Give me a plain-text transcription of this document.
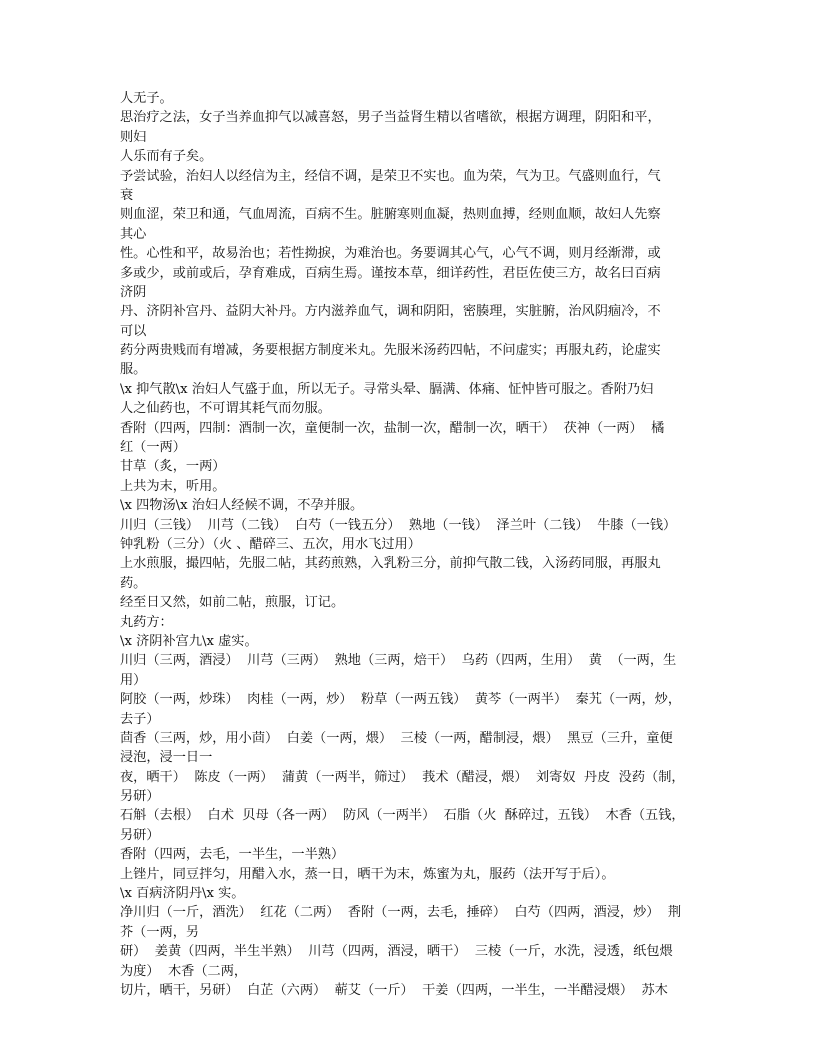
人无子。

思治疗之法，女子当养血抑气以减喜怒，男子当益肾生精以省嗜欲，根据方调理，阴阳和平，

则妇

人乐而有子矣。

予尝试验，治妇人以经信为主，经信不调，是荣卫不实也。血为荣，气为卫。气盛则血行，气

衰

则血涩，荣卫和通，气血周流，百病不生。脏腑寒则血凝，热则血搏，经则血顺，故妇人先察

其心

性。心性和平，故易治也；若性拗捩，为难治也。务要调其心气，心气不调，则月经渐滞，或

多或少，或前或后，孕育难成，百病生焉。谨按本草，细详药性，君臣佐使三方，故名曰百病

济阴

丹、济阴补宫丹、益阴大补丹。方内滋养血气，调和阴阳，密腠理，实脏腑，治风阴痼冷，不

可以

药分两贵贱而有增减，务要根据方制度米丸。先服米汤药四帖，不问虚实；再服丸药，论虚实

服。

\x 抑气散\x 治妇人气盛于血，所以无子。寻常头晕、膈满、体痛、怔忡皆可服之。香附乃妇

人之仙药也，不可谓其耗气而勿服。

香附（四两，四制：酒制一次，童便制一次，盐制一次，醋制一次，晒干）  茯神（一两）  橘

红（一两）

甘草（炙，一两）

上共为末，听用。

\x 四物汤\x 治妇人经候不调，不孕并服。

川归（三钱）  川芎（二钱）  白芍（一钱五分）  熟地（一钱）  泽兰叶（二钱）  牛膝（一钱）

钟乳粉（三分）（火 、醋碎三、五次，用水飞过用）

上水煎服，撮四帖，先服二帖，其药煎熟，入乳粉三分，前抑气散二钱，入汤药同服，再服丸

药。

经至日又然，如前二帖，煎服，订记。

丸药方：

\x 济阴补宫九\x 虚实。

川归（三两，酒浸）  川芎（三两）  熟地（三两，焙干）  乌药（四两，生用）  黄  （一两，生

用）

阿胶（一两，炒珠）  肉桂（一两，炒）  粉草（一两五钱）  黄芩（一两半）  秦艽（一两，炒，

去子）

茴香（三两，炒，用小茴）  白姜（一两，煨）  三棱（一两，醋制浸，煨）  黑豆（三升，童便

浸泡，浸一日一

夜，晒干）  陈皮（一两）  蒲黄（一两半，筛过）  莪术（醋浸，煨）  刘寄奴  丹皮  没药（制，

另研）

石斛（去根）  白术  贝母（各一两）  防风（一两半）  石脂（火  酥碎过，五钱）  木香（五钱，

另研）

香附（四两，去毛，一半生，一半熟）

上锉片，同豆拌匀，用醋入水，蒸一日，晒干为末，炼蜜为丸，服药（法开写于后）。

\x 百病济阴丹\x 实。

净川归（一斤，酒洗）  红花（二两）  香附（一两，去毛，捶碎）  白芍（四两，酒浸，炒）  荆

芥（一两，另

研）  姜黄（四两，半生半熟）  川芎（四两，酒浸，晒干）  三棱（一斤，水洗，浸透，纸包煨

为度）  木香（二两，

切片，晒干，另研）  白芷（六两）  蕲艾（一斤）  干姜（四两，一半生，一半醋浸煨）  苏木
